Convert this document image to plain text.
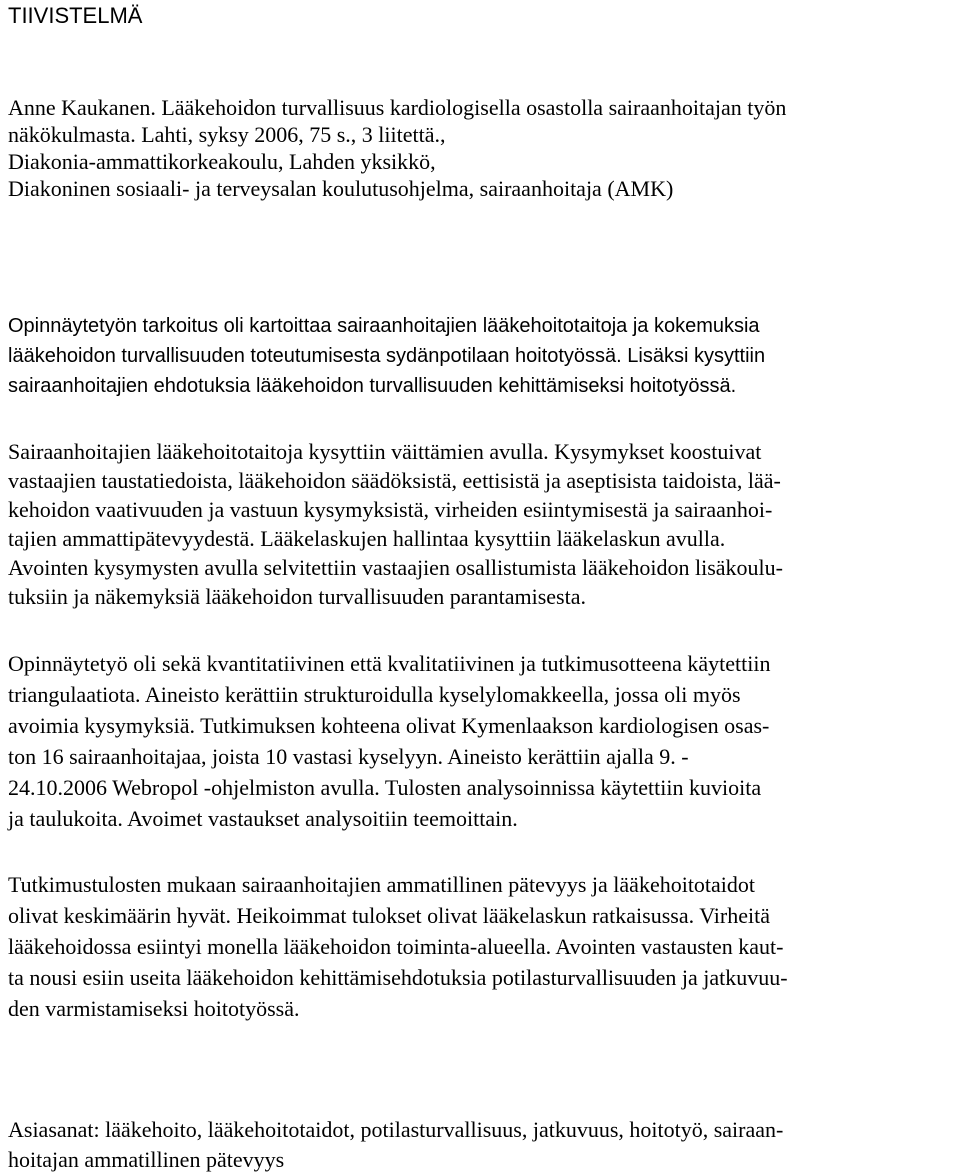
TIIVISTELMÄ
Anne Kaukanen. Lääkehoidon turvallisuus kardiologisella osastolla sairaanhoitajan työn
näkökulmasta. Lahti, syksy 2006, 75 s., 3 liitettä.,
Diakonia-ammattikorkeakoulu, Lahden yksikkö,
Diakoninen sosiaali- ja terveysalan koulutusohjelma, sairaanhoitaja (AMK)
Opinnäytetyön tarkoitus oli kartoittaa sairaanhoitajien lääkehoitotaitoja ja kokemuksia
lääkehoidon turvallisuuden toteutumisesta sydänpotilaan hoitotyössä. Lisäksi kysyttiin
sairaanhoitajien ehdotuksia lääkehoidon turvallisuuden kehittämiseksi hoitotyössä.
Sairaanhoitajien lääkehoitotaitoja kysyttiin väittämien avulla. Kysymykset koostuivat
vastaajien taustatiedoista, lääkehoidon säädöksistä, eettisistä ja aseptisista taidoista, lää-
kehoidon vaativuuden ja vastuun kysymyksistä, virheiden esiintymisestä ja sairaanhoi-
tajien ammattipätevyydestä. Lääkelaskujen hallintaa kysyttiin lääkelaskun avulla.
Avointen kysymysten avulla selvitettiin vastaajien osallistumista lääkehoidon lisäkoulu-
tuksiin ja näkemyksiä lääkehoidon turvallisuuden parantamisesta.
Opinnäytetyö oli sekä kvantitatiivinen että kvalitatiivinen ja tutkimusotteena käytettiin
triangulaatiota. Aineisto kerättiin strukturoidulla kyselylomakkeella, jossa oli myös
avoimia kysymyksiä. Tutkimuksen kohteena olivat Kymenlaakson kardiologisen osas-
ton 16 sairaanhoitajaa, joista 10 vastasi kyselyyn. Aineisto kerättiin ajalla 9. -
24.10.2006 Webropol -ohjelmiston avulla. Tulosten analysoinnissa käytettiin kuvioita
ja taulukoita. Avoimet vastaukset analysoitiin teemoittain.
Tutkimustulosten mukaan sairaanhoitajien ammatillinen pätevyys ja lääkehoitotaidot
olivat keskimäärin hyvät. Heikoimmat tulokset olivat lääkelaskun ratkaisussa. Virheitä
lääkehoidossa esiintyi monella lääkehoidon toiminta-alueella. Avointen vastausten kaut-
ta nousi esiin useita lääkehoidon kehittämisehdotuksia potilasturvallisuuden ja jatkuvuu-
den varmistamiseksi hoitotyössä.
Asiasanat: lääkehoito, lääkehoitotaidot, potilasturvallisuus, jatkuvuus, hoitotyö, sairaan-
hoitajan ammatillinen pätevyys
